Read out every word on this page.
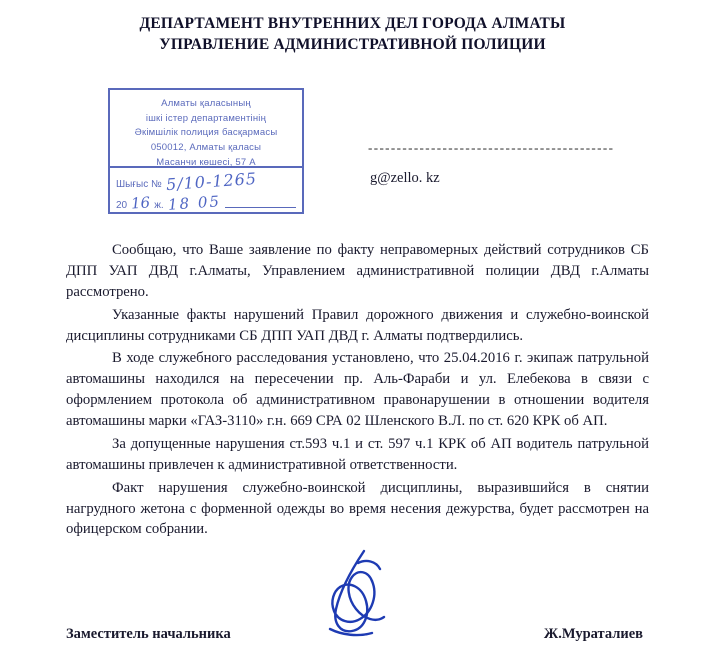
ДЕПАРТАМЕНТ ВНУТРЕННИХ ДЕЛ ГОРОДА АЛМАТЫ
УПРАВЛЕНИЕ АДМИНИСТРАТИВНОЙ ПОЛИЦИИ
Алматы қаласының
ішкі істер департаментінің
Әкімшілік полиция басқармасы
050012, Алматы қаласы
Масанчи көшесі, 57 А
Шығыс № 5/10-1265
20 16 ж. 18 05
-------------------------------------------
g@zello. kz

Сообщаю, что Ваше заявление по факту неправомерных действий сотрудников СБ ДПП УАП ДВД г.Алматы, Управлением административной полиции ДВД г.Алматы рассмотрено.

Указанные факты нарушений Правил дорожного движения и служебно-воинской дисциплины сотрудниками СБ ДПП УАП ДВД г. Алматы подтвердились.

В ходе служебного расследования установлено, что 25.04.2016 г. экипаж патрульной автомашины находился на пересечении пр. Аль-Фараби и ул. Елебекова в связи с оформлением протокола об административном правонарушении в отношении водителя автомашины марки «ГАЗ-3110» г.н. 669 СРА 02 Шленского В.Л. по ст. 620 КРК об АП.

За допущенные нарушения ст.593 ч.1 и ст. 597 ч.1 КРК об АП водитель патрульной автомашины привлечен к административной ответственности.

Факт нарушения служебно-воинской дисциплины, выразившийся в снятии нагрудного жетона с форменной одежды во время несения дежурства, будет рассмотрен на офицерском собрании.

Заместитель начальника	Ж.Мураталиев
